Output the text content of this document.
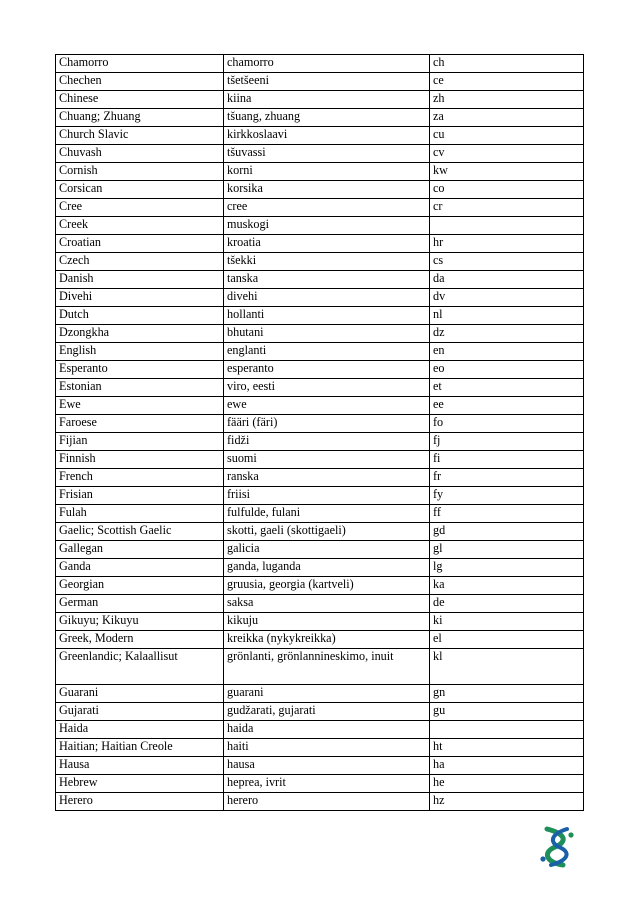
Chamorro	chamorro	ch
Chechen	tšetšeeni	ce
Chinese	kiina	zh
Chuang; Zhuang	tšuang, zhuang	za
Church Slavic	kirkkoslaavi	cu
Chuvash	tšuvassi	cv
Cornish	korni	kw
Corsican	korsika	co
Cree	cree	cr
Creek	muskogi	
Croatian	kroatia	hr
Czech	tšekki	cs
Danish	tanska	da
Divehi	divehi	dv
Dutch	hollanti	nl
Dzongkha	bhutani	dz
English	englanti	en
Esperanto	esperanto	eo
Estonian	viro, eesti	et
Ewe	ewe	ee
Faroese	fääri (färi)	fo
Fijian	fidži	fj
Finnish	suomi	fi
French	ranska	fr
Frisian	friisi	fy
Fulah	fulfulde, fulani	ff
Gaelic; Scottish Gaelic	skotti, gaeli (skottigaeli)	gd
Gallegan	galicia	gl
Ganda	ganda, luganda	lg
Georgian	gruusia, georgia (kartveli)	ka
German	saksa	de
Gikuyu; Kikuyu	kikuju	ki
Greek, Modern	kreikka (nykykreikka)	el
Greenlandic; Kalaallisut	grönlanti, grönlannineskimo, inuit	kl
Guarani	guarani	gn
Gujarati	gudžarati, gujarati	gu
Haida	haida	
Haitian; Haitian Creole	haiti	ht
Hausa	hausa	ha
Hebrew	heprea, ivrit	he
Herero	herero	hz
